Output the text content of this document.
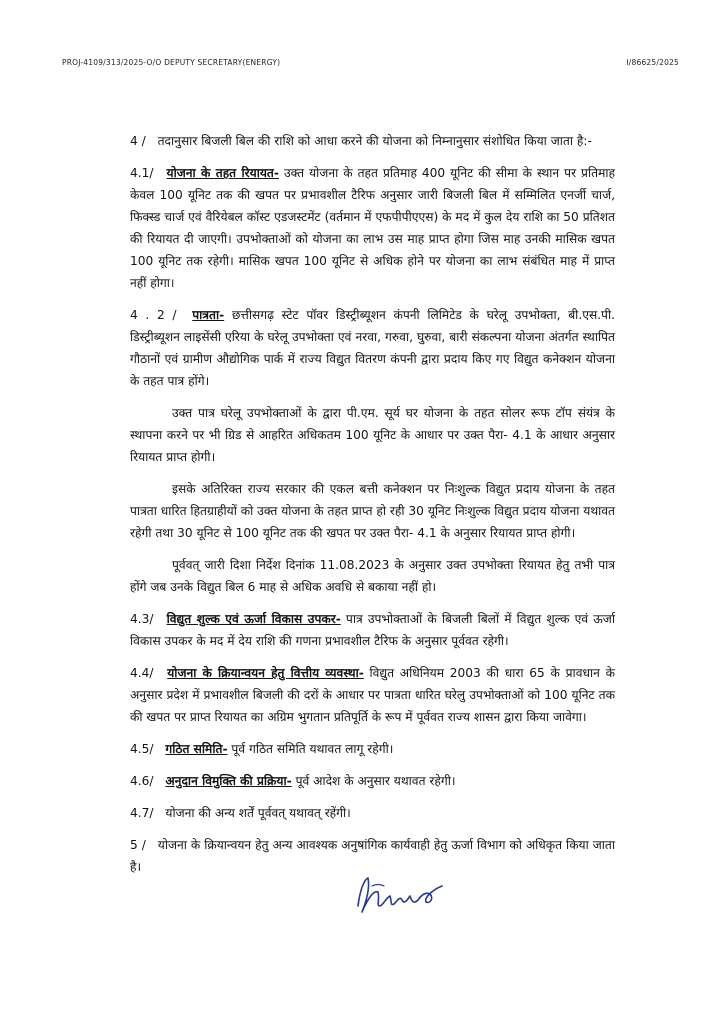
PROJ-4109/313/2025-O/O DEPUTY SECRETARY(ENERGY)	I/86625/2025

4 / तदानुसार बिजली बिल की राशि को आधा करने की योजना को निम्नानुसार संशोधित किया जाता है:-

4.1/ योजना के तहत रियायत- उक्त योजना के तहत प्रतिमाह 400 यूनिट की सीमा के स्थान पर प्रतिमाह केवल 100 यूनिट तक की खपत पर प्रभावशील टैरिफ अनुसार जारी बिजली बिल में सम्मिलित एनर्जी चार्ज, फिक्स्ड चार्ज एवं वैरियेबल कॉस्ट एडजस्टमेंट (वर्तमान में एफपीपीएएस) के मद में कुल देय राशि का 50 प्रतिशत की रियायत दी जाएगी। उपभोक्ताओं को योजना का लाभ उस माह प्राप्त होगा जिस माह उनकी मासिक खपत 100 यूनिट तक रहेगी। मासिक खपत 100 यूनिट से अधिक होने पर योजना का लाभ संबंधित माह में प्राप्त नहीं होगा।

4 . 2 / पात्रता- छत्तीसगढ़ स्टेट पॉवर डिस्ट्रीब्यूशन कंपनी लिमिटेड के घरेलू उपभोक्ता, बी.एस.पी. डिस्ट्रीब्यूशन लाइसेंसी एरिया के घरेलू उपभोक्ता एवं नरवा, गरुवा, घुरुवा, बारी संकल्पना योजना अंतर्गत स्थापित गौठानों एवं ग्रामीण औद्योगिक पार्क में राज्य विद्युत वितरण कंपनी द्वारा प्रदाय किए गए विद्युत कनेक्शन योजना के तहत पात्र होंगे।

उक्त पात्र घरेलू उपभोक्ताओं के द्वारा पी.एम. सूर्य घर योजना के तहत सोलर रूफ टॉप संयंत्र के स्थापना करने पर भी ग्रिड से आहरित अधिकतम 100 यूनिट के आधार पर उक्त पैरा- 4.1 के आधार अनुसार रियायत प्राप्त होगी।

इसके अतिरिक्त राज्य सरकार की एकल बत्ती कनेक्शन पर निःशुल्क विद्युत प्रदाय योजना के तहत पात्रता धारित हितग्राहीयों को उक्त योजना के तहत प्राप्त हो रही 30 यूनिट निःशुल्क विद्युत प्रदाय योजना यथावत रहेगी तथा 30 यूनिट से 100 यूनिट तक की खपत पर उक्त पैरा- 4.1 के अनुसार रियायत प्राप्त होगी।

पूर्ववत् जारी दिशा निर्देश दिनांक 11.08.2023 के अनुसार उक्त उपभोक्ता रियायत हेतु तभी पात्र होंगे जब उनके विद्युत बिल 6 माह से अधिक अवधि से बकाया नहीं हो।

4.3/ विद्युत शुल्क एवं ऊर्जा विकास उपकर- पात्र उपभोक्ताओं के बिजली बिलों में विद्युत शुल्क एवं ऊर्जा विकास उपकर के मद में देय राशि की गणना प्रभावशील टैरिफ के अनुसार पूर्ववत रहेगी।

4.4/ योजना के क्रियान्वयन हेतु वित्तीय व्यवस्था- विद्युत अधिनियम 2003 की धारा 65 के प्रावधान के अनुसार प्रदेश में प्रभावशील बिजली की दरों के आधार पर पात्रता धारित घरेलु उपभोक्ताओं को 100 यूनिट तक की खपत पर प्राप्त रियायत का अग्रिम भुगतान प्रतिपूर्ति के रूप में पूर्ववत राज्य शासन द्वारा किया जावेगा।

4.5/ गठित समिति- पूर्व गठित समिति यथावत लागू रहेगी।

4.6/ अनुदान विमुक्ति की प्रक्रिया- पूर्व आदेश के अनुसार यथावत रहेगी।

4.7/ योजना की अन्य शर्तें पूर्ववत् यथावत् रहेंगी।

5 / योजना के क्रियान्वयन हेतु अन्य आवश्यक अनुषांगिक कार्यवाही हेतु ऊर्जा विभाग को अधिकृत किया जाता है।
